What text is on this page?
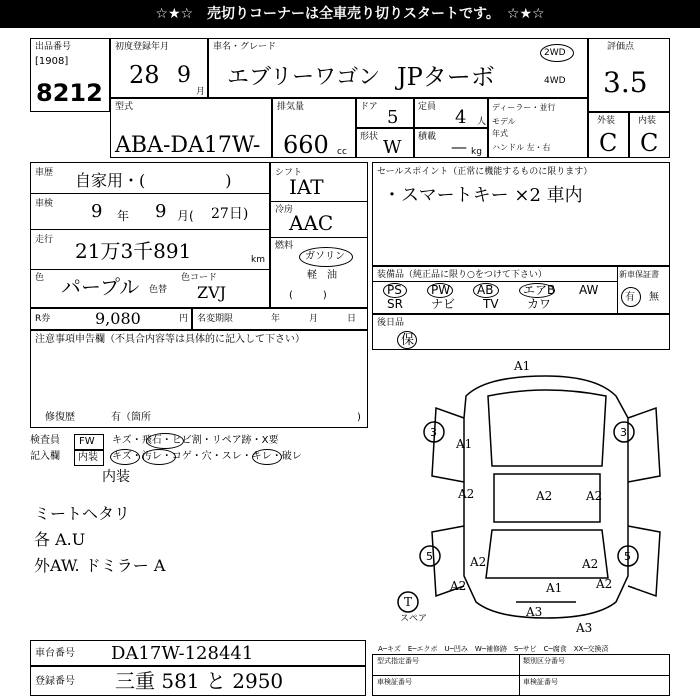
☆★☆　売切りコーナーは全車売り切りスタートです。　☆★☆
出品番号
[1908]
8212
初度登録年月
28 9
月
車名・グレード
エブリーワゴン JPターボ
2WD
4WD
評価点
3.5
型式
ABA-DA17W-
排気量
660 cc
ドア 5 定員 4 人
形状 W 積載 — kg
ディーラー・並行
モデル
年式
ハンドル 左・右
外装
C
内装
C
車歴 自家用・(　　　　　)
車検 9 年 9 月( 27日)
走行 21万3千891	km
色 パープル 色替
色コード
ZVJ
シフト
IAT
冷房
AAC
燃料
ガソリン
軽　油
(　　　)
セールスポイント（正常に機能するものに限ります）
・スマートキー ×2 車内
装備品（純正品に限り○をつけて下さい）	新車保証書
PS PW AB エアB AW
SR ナビ TV カワ	有 無
R券	9,080	円 名変期限	年	月	日 後日品
保
注意事項申告欄（不具合内容等は具体的に記入して下さい）
修復歴	有（箇所	)
検査員
記入欄
FW キズ・飛石・ヒビ割・リペア跡・X要
内装 キズ・汚レ・コゲ・穴・スレ・キレ・破レ
内装
ミートヘタリ
各 A.U
外AW. ドミラー A
A1
A1
A2	A2	A2
A2	A2
A1
A3
A3
A2	A2
3	3
5	5
T
スペア
車台番号 DA17W-128441
登録番号 三重 581 と 2950
A─キズ　E─エクボ　U─凹み　W─補修跡　S─サビ　C─腐食　XX─交換済
型式指定番号	類別区分番号
車検証番号	車検証番号
